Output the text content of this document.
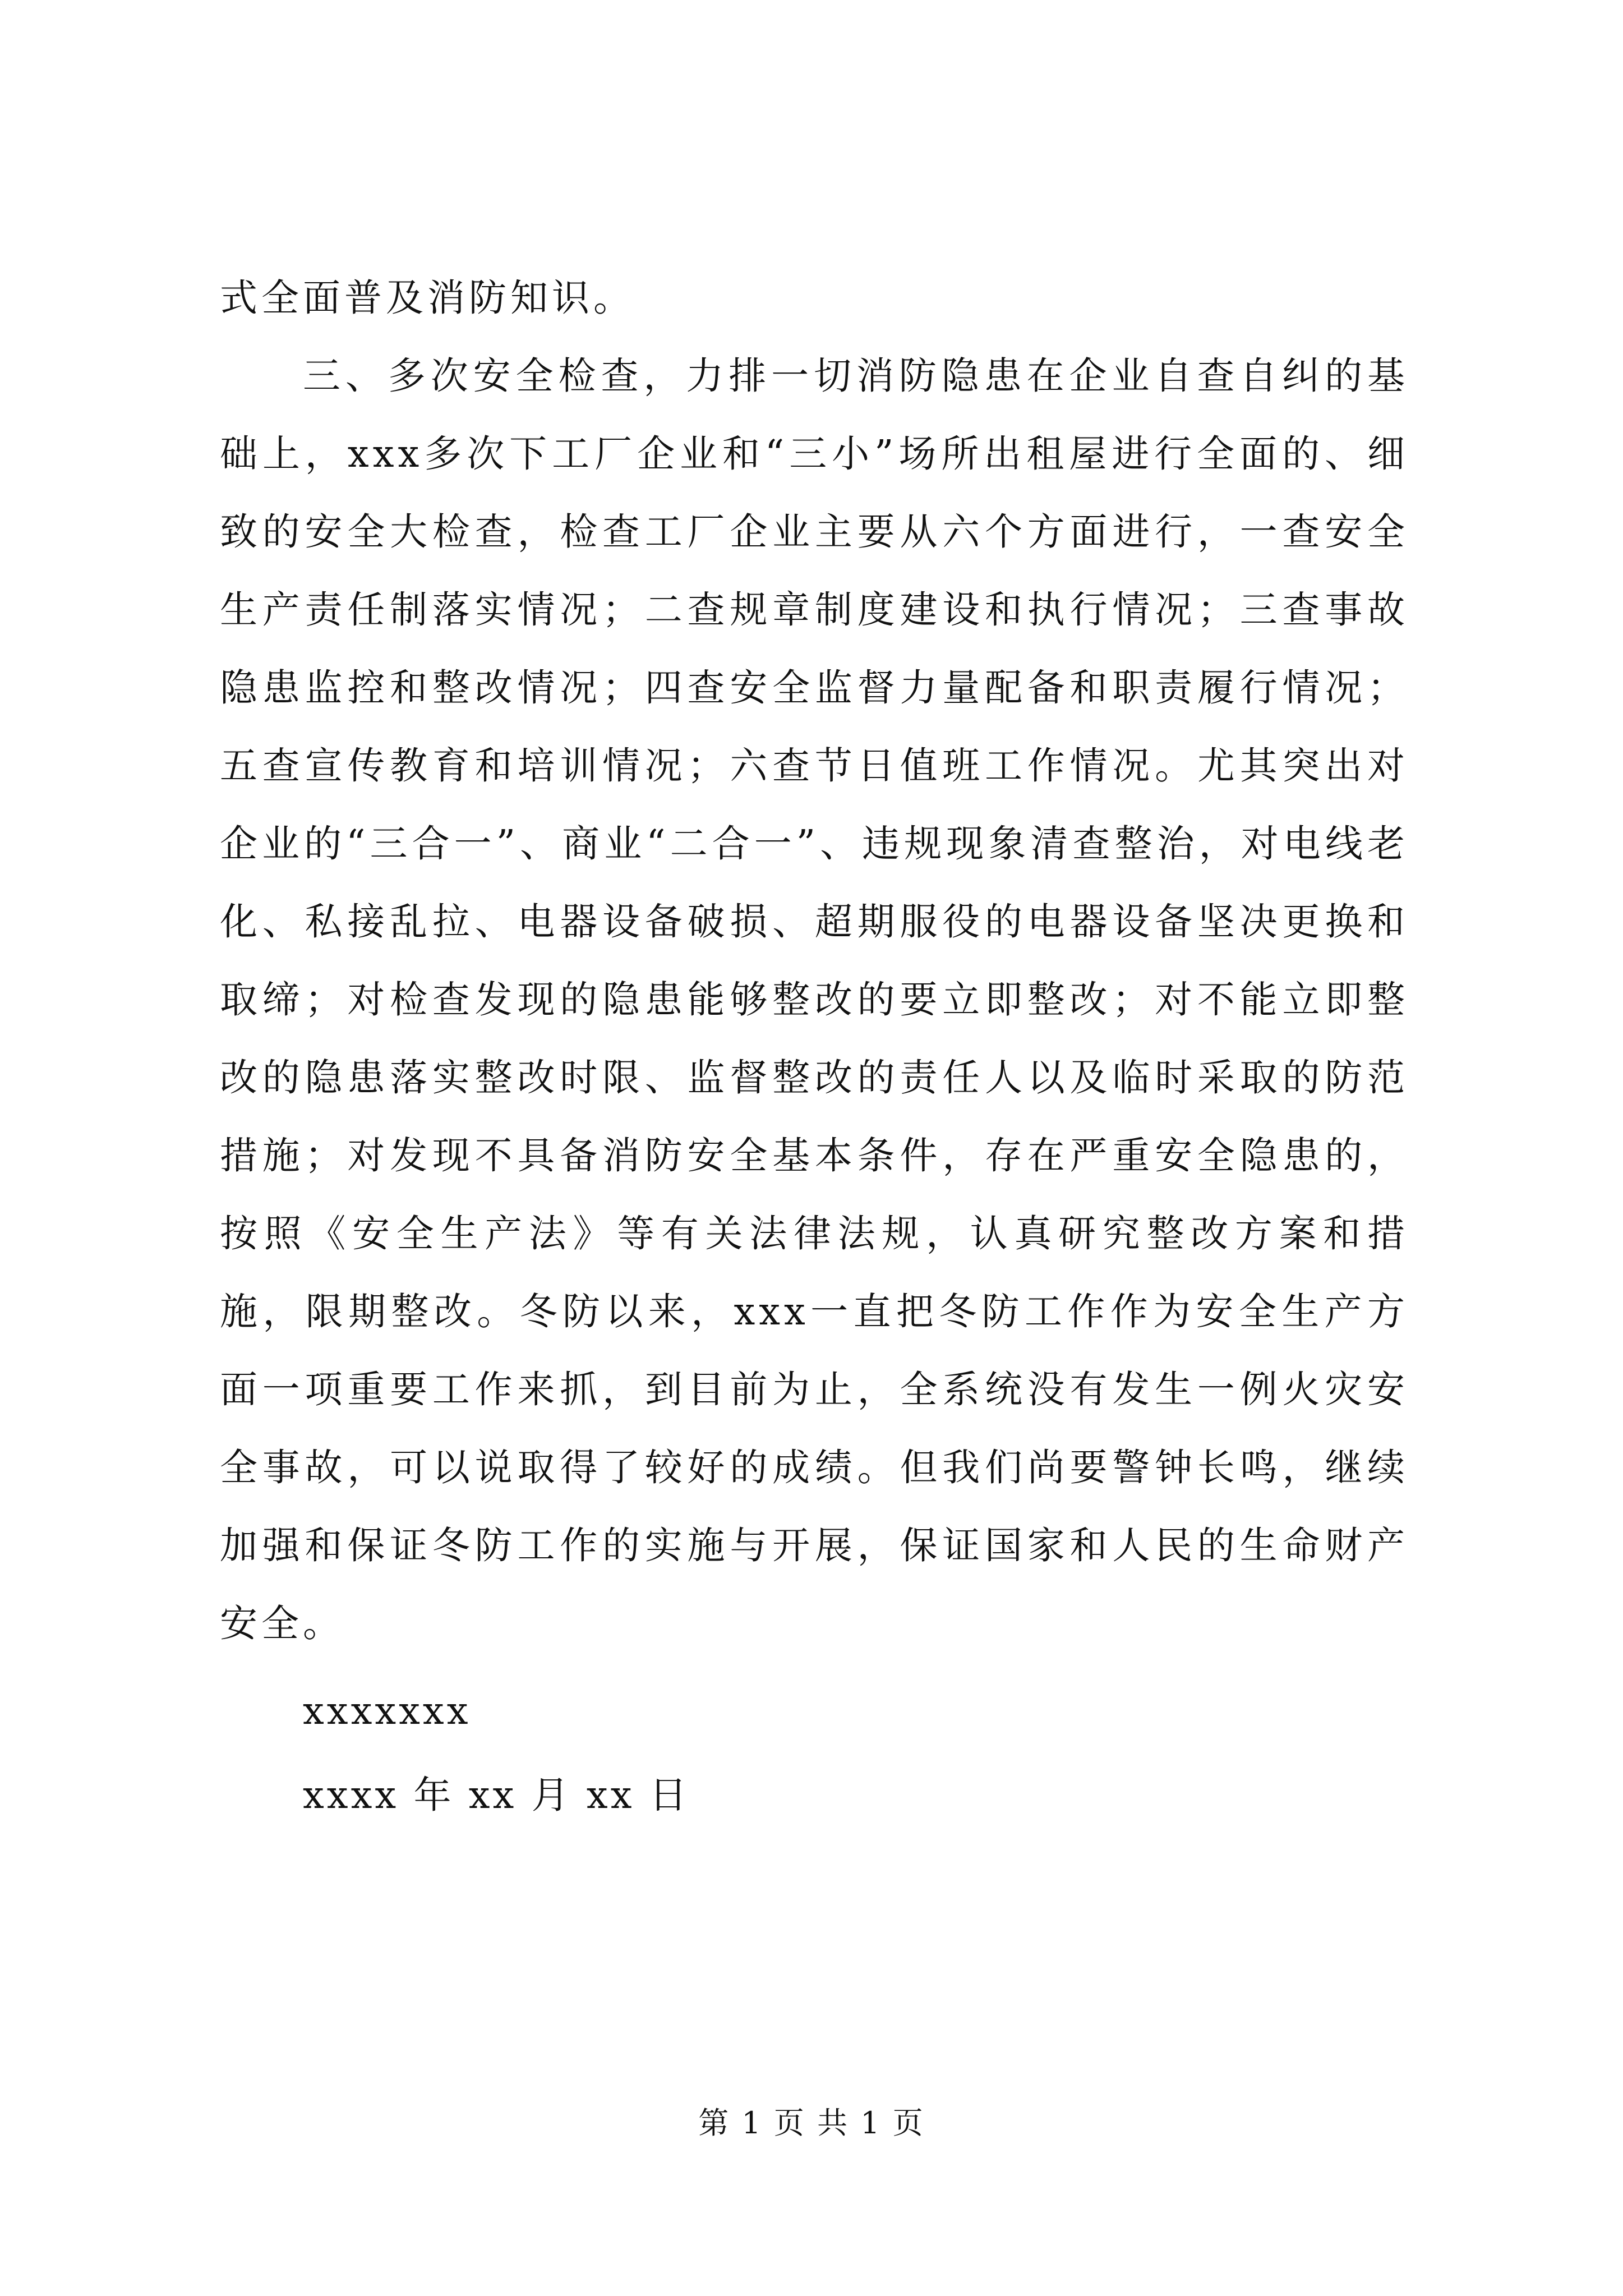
式全面普及消防知识。

三、多次安全检查，力排一切消防隐患在企业自查自纠的基础上，xxx多次下工厂企业和“三小”场所出租屋进行全面的、细致的安全大检查，检查工厂企业主要从六个方面进行，一查安全生产责任制落实情况；二查规章制度建设和执行情况；三查事故隐患监控和整改情况；四查安全监督力量配备和职责履行情况；五查宣传教育和培训情况；六查节日值班工作情况。尤其突出对企业的“三合一”、商业“二合一”、违规现象清查整治，对电线老化、私接乱拉、电器设备破损、超期服役的电器设备坚决更换和取缔；对检查发现的隐患能够整改的要立即整改；对不能立即整改的隐患落实整改时限、监督整改的责任人以及临时采取的防范措施；对发现不具备消防安全基本条件，存在严重安全隐患的，按照《安全生产法》等有关法律法规，认真研究整改方案和措施，限期整改。冬防以来，xxx一直把冬防工作作为安全生产方面一项重要工作来抓，到目前为止，全系统没有发生一例火灾安全事故，可以说取得了较好的成绩。但我们尚要警钟长鸣，继续加强和保证冬防工作的实施与开展，保证国家和人民的生命财产安全。

xxxxxxx
xxxx 年 xx 月 xx 日
第 1 页 共 1 页
